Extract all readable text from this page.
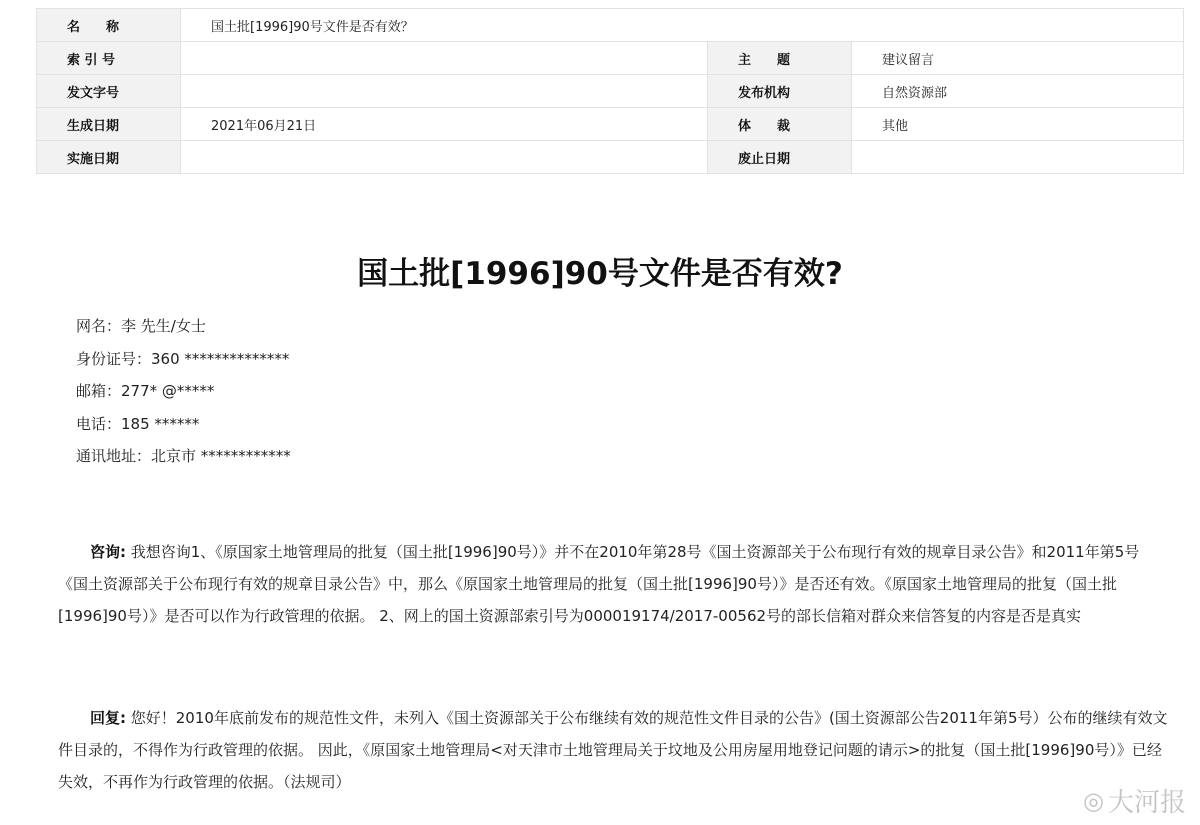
名　　称	国土批[1996]90号文件是否有效？		
索 引 号		主　　题	建议留言
发文字号		发布机构	自然资源部
生成日期	2021年06月21日	体　　裁	其他
实施日期		废止日期	
国土批[1996]90号文件是否有效?
网名：李 先生/女士
身份证号：360 **************
邮箱：277* @*****
电话：185 ******
通讯地址：北京市 ************
咨询: 我想咨询1、《原国家土地管理局的批复（国土批[1996]90号）》并不在2010年第28号《国土资源部关于公布现行有效的规章目录公告》和2011年第5号《国土资源部关于公布现行有效的规章目录公告》中，那么《原国家土地管理局的批复（国土批[1996]90号）》是否还有效。《原国家土地管理局的批复（国土批[1996]90号）》是否可以作为行政管理的依据。 2、网上的国土资源部索引号为000019174/2017-00562号的部长信箱对群众来信答复的内容是否是真实
回复: 您好！2010年底前发布的规范性文件，未列入《国土资源部关于公布继续有效的规范性文件目录的公告》(国土资源部公告2011年第5号）公布的继续有效文件目录的，不得作为行政管理的依据。 因此，《原国家土地管理局<对天津市土地管理局关于坟地及公用房屋用地登记问题的请示>的批复（国土批[1996]90号）》已经失效，不再作为行政管理的依据。（法规司）
◎ 大河报
